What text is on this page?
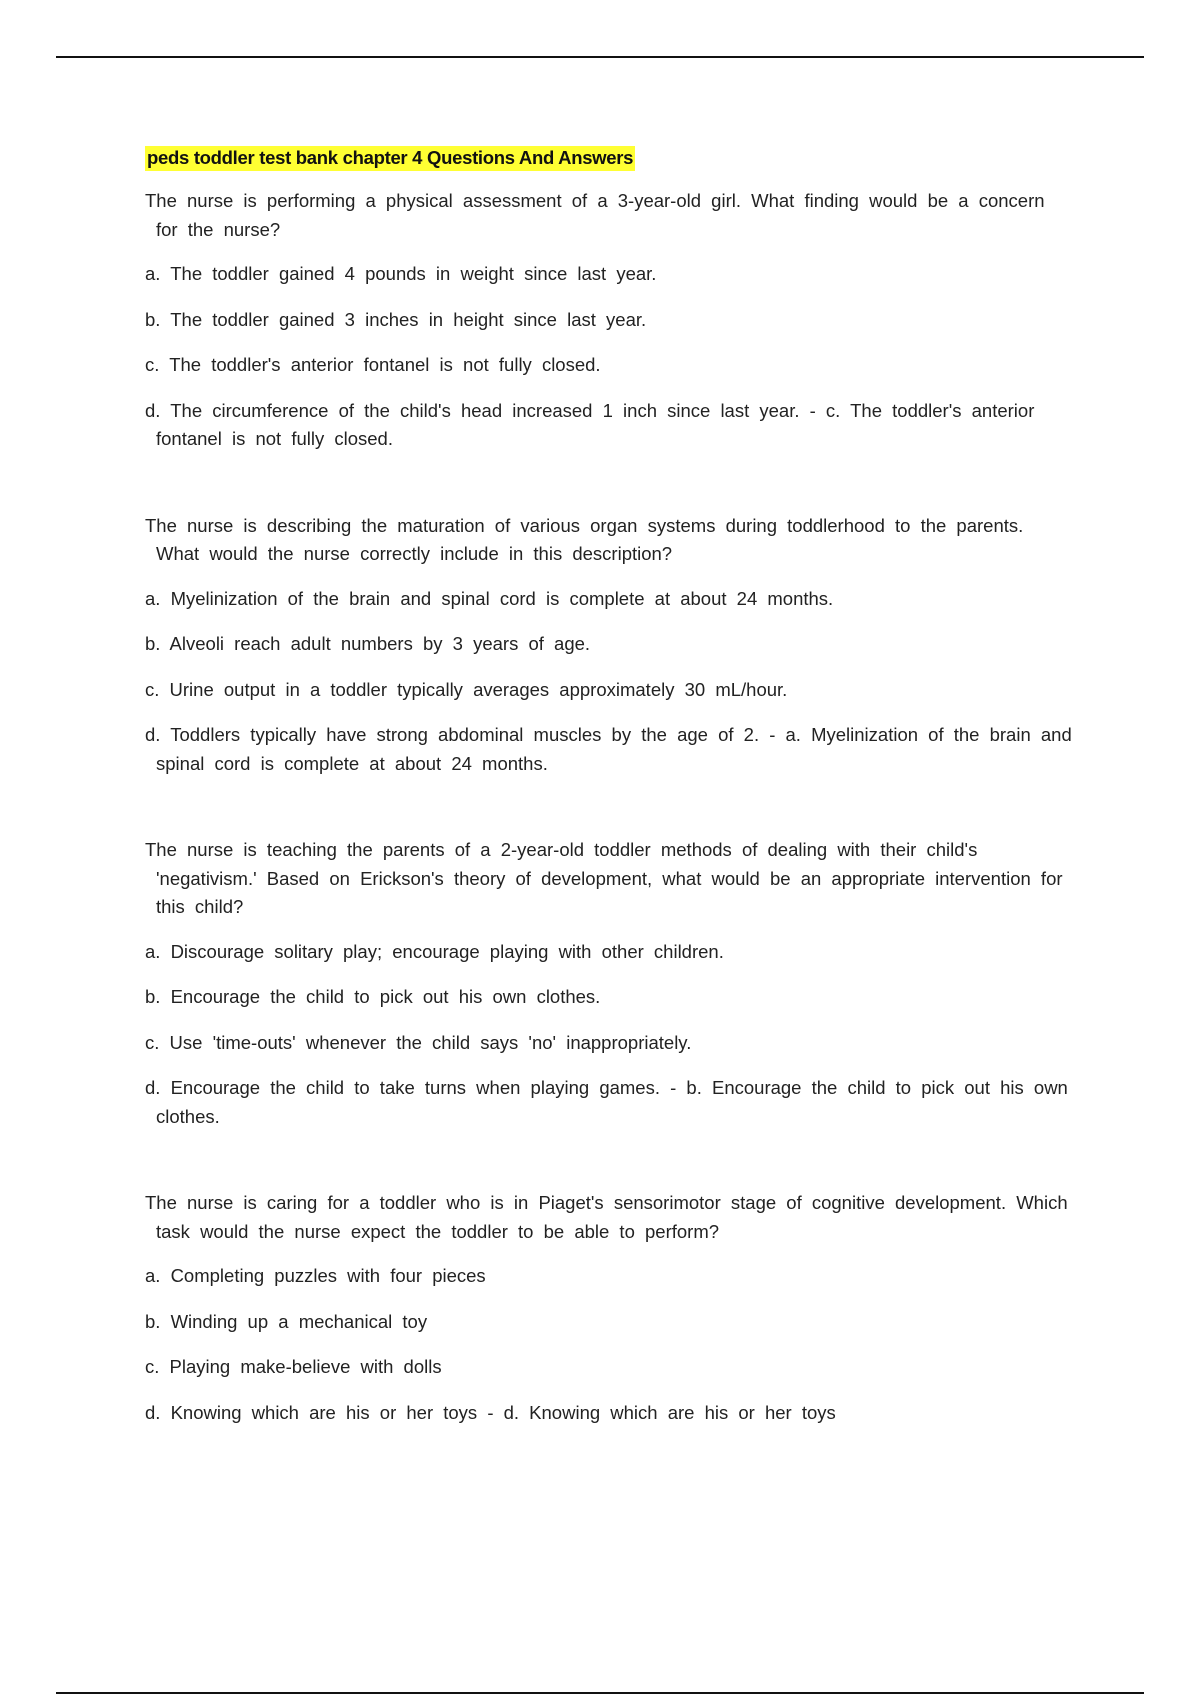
peds toddler test bank chapter 4 Questions And Answers

The nurse is performing a physical assessment of a 3-year-old girl. What finding would be a concern for the nurse?

a. The toddler gained 4 pounds in weight since last year.

b. The toddler gained 3 inches in height since last year.

c. The toddler's anterior fontanel is not fully closed.

d. The circumference of the child's head increased 1 inch since last year. - c. The toddler's anterior fontanel is not fully closed.

The nurse is describing the maturation of various organ systems during toddlerhood to the parents. What would the nurse correctly include in this description?

a. Myelinization of the brain and spinal cord is complete at about 24 months.

b. Alveoli reach adult numbers by 3 years of age.

c. Urine output in a toddler typically averages approximately 30 mL/hour.

d. Toddlers typically have strong abdominal muscles by the age of 2. - a. Myelinization of the brain and spinal cord is complete at about 24 months.

The nurse is teaching the parents of a 2-year-old toddler methods of dealing with their child's 'negativism.' Based on Erickson's theory of development, what would be an appropriate intervention for this child?

a. Discourage solitary play; encourage playing with other children.

b. Encourage the child to pick out his own clothes.

c. Use 'time-outs' whenever the child says 'no' inappropriately.

d. Encourage the child to take turns when playing games. - b. Encourage the child to pick out his own clothes.

The nurse is caring for a toddler who is in Piaget's sensorimotor stage of cognitive development. Which task would the nurse expect the toddler to be able to perform?

a. Completing puzzles with four pieces

b. Winding up a mechanical toy

c. Playing make-believe with dolls

d. Knowing which are his or her toys - d. Knowing which are his or her toys
